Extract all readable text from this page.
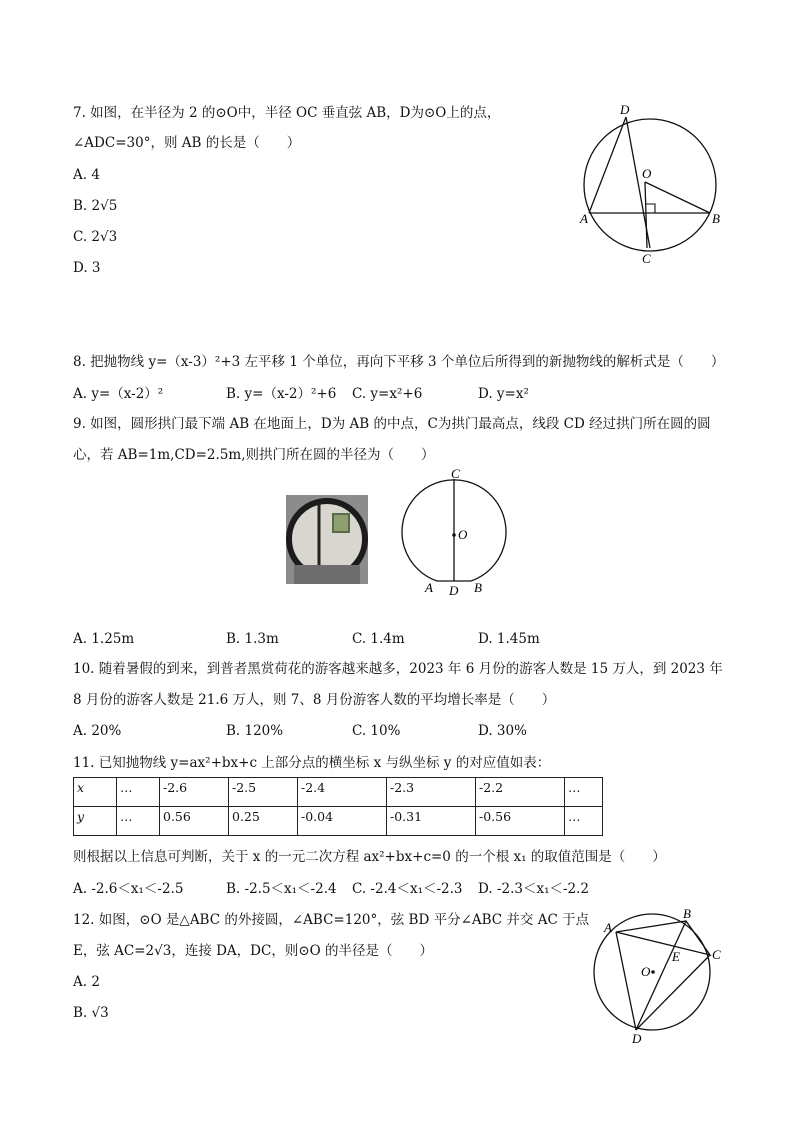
7. 如图，在半径为 2 的⊙O中，半径 OC 垂直弦 AB，D为⊙O上的点，
∠ADC=30°，则 AB 的长是（　　）
A. 4
B. 2√5
C. 2√3
D. 3
D
O
A	B
C
8. 把抛物线 y=（x-3）²+3 左平移 1 个单位，再向下平移 3 个单位后所得到的新抛物线的解析式是（　　）
A. y=（x-2）²	B. y=（x-2）²+6 C. y=x²+6	D. y=x²
9. 如图，圆形拱门最下端 AB 在地面上，D为 AB 的中点，C为拱门最高点，线段 CD 经过拱门所在圆的圆
心，若 AB=1m,CD=2.5m,则拱门所在圆的半径为（　　）
C
O
A D B
A. 1.25m	B. 1.3m	C. 1.4m	D. 1.45m
10. 随着暑假的到来，到普者黑赏荷花的游客越来越多，2023 年 6 月份的游客人数是 15 万人，到 2023 年
8 月份的游客人数是 21.6 万人，则 7、8 月份游客人数的平均增长率是（　　）
A. 20%	B. 120%	C. 10%	D. 30%
11. 已知抛物线 y=ax²+bx+c 上部分点的横坐标 x 与纵坐标 y 的对应值如表：
x	…	-2.6	-2.5	-2.4	-2.3	-2.2	…
y	…	0.56	0.25	-0.04	-0.31	-0.56	…
则根据以上信息可判断，关于 x 的一元二次方程 ax²+bx+c=0 的一个根 x₁ 的取值范围是（　　）
A. -2.6＜x₁＜-2.5	B. -2.5＜x₁＜-2.4 C. -2.4＜x₁＜-2.3 D. -2.3＜x₁＜-2.2
12. 如图，⊙O 是△ABC 的外接圆，∠ABC=120°，弦 BD 平分∠ABC 并交 AC 于点
E，弦 AC=2√3，连接 DA，DC，则⊙O 的半径是（　　）
A. 2
B. √3
A
B
C
E
O
D
